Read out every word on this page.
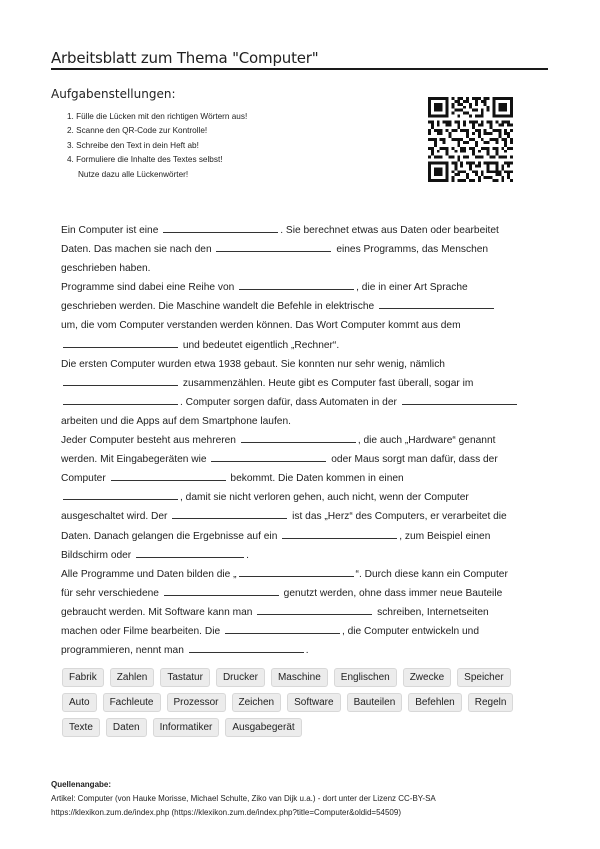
Arbeitsblatt zum Thema "Computer"
Aufgabenstellungen:
1. Fülle die Lücken mit den richtigen Wörtern aus!
2. Scanne den QR-Code zur Kontrolle!
3. Schreibe den Text in dein Heft ab!
4. Formuliere die Inhalte des Textes selbst!
Nutze dazu alle Lückenwörter!

Ein Computer ist eine	. Sie berechnet etwas aus Daten oder bearbeitet

Daten. Das machen sie nach den	eines Programms, das Menschen

geschrieben haben.

Programme sind dabei eine Reihe von	, die in einer Art Sprache

geschrieben werden. Die Maschine wandelt die Befehle in elektrische

um, die vom Computer verstanden werden können. Das Wort Computer kommt aus dem

und bedeutet eigentlich „Rechner“.

Die ersten Computer wurden etwa 1938 gebaut. Sie konnten nur sehr wenig, nämlich

zusammenzählen. Heute gibt es Computer fast überall, sogar im

. Computer sorgen dafür, dass Automaten in der

arbeiten und die Apps auf dem Smartphone laufen.

Jeder Computer besteht aus mehreren	, die auch „Hardware“ genannt

werden. Mit Eingabegeräten wie	oder Maus sorgt man dafür, dass der

Computer	bekommt. Die Daten kommen in einen

, damit sie nicht verloren gehen, auch nicht, wenn der Computer

ausgeschaltet wird. Der	ist das „Herz“ des Computers, er verarbeitet die

Daten. Danach gelangen die Ergebnisse auf ein	, zum Beispiel einen

Bildschirm oder	.

Alle Programme und Daten bilden die „	“. Durch diese kann ein Computer

für sehr verschiedene	genutzt werden, ohne dass immer neue Bauteile

gebraucht werden. Mit Software kann man	schreiben, Internetseiten

machen oder Filme bearbeiten. Die	, die Computer entwickeln und

programmieren, nennt man	.

Fabrik	Zahlen	Tastatur	Drucker	Maschine	Englischen	Zwecke	Speicher
Auto	Fachleute	Prozessor	Zeichen	Software	Bauteilen	Befehlen	Regeln
Texte	Daten	Informatiker	Ausgabegerät
Quellenangabe:
Artikel: Computer (von Hauke Morisse, Michael Schulte, Ziko van Dijk u.a.) - dort unter der Lizenz CC-BY-SA
https://klexikon.zum.de/index.php (https://klexikon.zum.de/index.php?title=Computer&oldid=54509)
